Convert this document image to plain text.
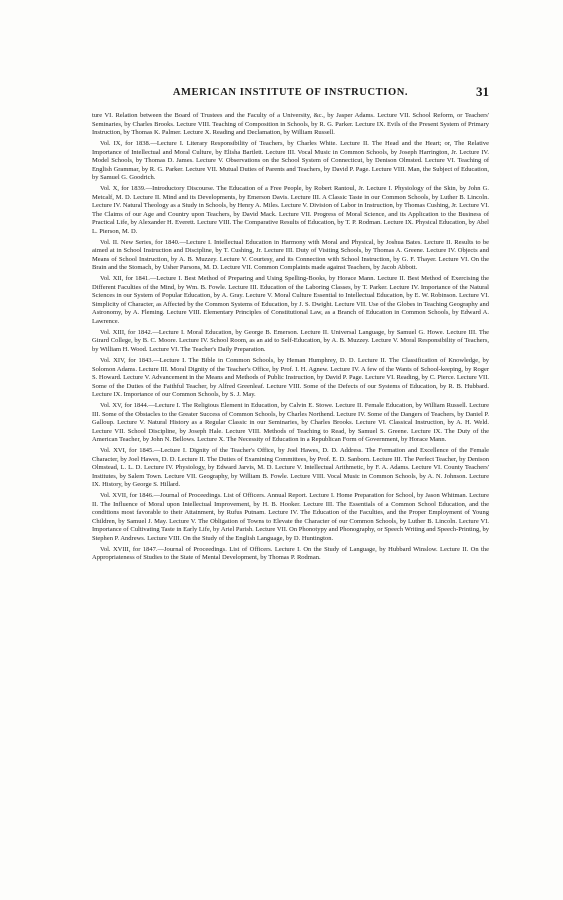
AMERICAN INSTITUTE OF INSTRUCTION.	31

ture VI. Relation between the Board of Trustees and the Faculty of a University, &c., by Jasper Adams. Lecture VII. School Reform, or Teachers' Seminaries, by Charles Brooks. Lecture VIII. Teaching of Composition in Schools, by R. G. Parker. Lecture IX. Evils of the Present System of Primary Instruction, by Thomas K. Palmer. Lecture X. Reading and Declamation, by William Russell.

Vol. IX, for 1838.—Lecture I. Literary Responsibility of Teachers, by Charles White. Lecture II. The Head and the Heart; or, The Relative Importance of Intellectual and Moral Culture, by Elisha Bartlett. Lecture III. Vocal Music in Common Schools, by Joseph Harrington, Jr. Lecture IV. Model Schools, by Thomas D. James. Lecture V. Observations on the School System of Connecticut, by Denison Olmsted. Lecture VI. Teaching of English Grammar, by R. G. Parker. Lecture VII. Mutual Duties of Parents and Teachers, by David P. Page. Lecture VIII. Man, the Subject of Education, by Samuel G. Goodrich.

Vol. X, for 1839.—Introductory Discourse. The Education of a Free People, by Robert Rantoul, Jr. Lecture I. Physiology of the Skin, by John G. Metcalf, M. D. Lecture II. Mind and its Developments, by Emerson Davis. Lecture III. A Classic Taste in our Common Schools, by Luther B. Lincoln. Lecture IV. Natural Theology as a Study in Schools, by Henry A. Miles. Lecture V. Division of Labor in Instruction, by Thomas Cushing, Jr. Lecture VI. The Claims of our Age and Country upon Teachers, by David Mack. Lecture VII. Progress of Moral Science, and its Application to the Business of Practical Life, by Alexander H. Everett. Lecture VIII. The Comparative Results of Education, by T. P. Rodman. Lecture IX. Physical Education, by Abel L. Pierson, M. D.

Vol. II. New Series, for 1840.—Lecture I. Intellectual Education in Harmony with Moral and Physical, by Joshua Bates. Lecture II. Results to be aimed at in School Instruction and Discipline, by T. Cushing, Jr. Lecture III. Duty of Visiting Schools, by Thomas A. Greene. Lecture IV. Objects and Means of School Instruction, by A. B. Muzzey. Lecture V. Courtesy, and its Connection with School Instruction, by G. F. Thayer. Lecture VI. On the Brain and the Stomach, by Usher Parsons, M. D. Lecture VII. Common Complaints made against Teachers, by Jacob Abbott.

Vol. XII, for 1841.—Lecture I. Best Method of Preparing and Using Spelling-Books, by Horace Mann. Lecture II. Best Method of Exercising the Different Faculties of the Mind, by Wm. B. Fowle. Lecture III. Education of the Laboring Classes, by T. Parker. Lecture IV. Importance of the Natural Sciences in our System of Popular Education, by A. Gray. Lecture V. Moral Culture Essential to Intellectual Education, by E. W. Robinson. Lecture VI. Simplicity of Character, as Affected by the Common Systems of Education, by J. S. Dwight. Lecture VII. Use of the Globes in Teaching Geography and Astronomy, by A. Fleming. Lecture VIII. Elementary Principles of Constitutional Law, as a Branch of Education in Common Schools, by Edward A. Lawrence.

Vol. XIII, for 1842.—Lecture I. Moral Education, by George B. Emerson. Lecture II. Universal Language, by Samuel G. Howe. Lecture III. The Girard College, by B. C. Moore. Lecture IV. School Room, as an aid to Self-Education, by A. B. Muzzey. Lecture V. Moral Responsibility of Teachers, by William H. Wood. Lecture VI. The Teacher's Daily Preparation.

Vol. XIV, for 1843.—Lecture I. The Bible in Common Schools, by Heman Humphrey, D. D. Lecture II. The Classification of Knowledge, by Solomon Adams. Lecture III. Moral Dignity of the Teacher's Office, by Prof. I. H. Agnew. Lecture IV. A few of the Wants of School-keeping, by Roger S. Howard. Lecture V. Advancement in the Means and Methods of Public Instruction, by David P. Page. Lecture VI. Reading, by C. Pierce. Lecture VII. Some of the Duties of the Faithful Teacher, by Alfred Greenleaf. Lecture VIII. Some of the Defects of our Systems of Education, by R. B. Hubbard. Lecture IX. Importance of our Common Schools, by S. J. May.

Vol. XV, for 1844.—Lecture I. The Religious Element in Education, by Calvin E. Stowe. Lecture II. Female Education, by William Russell. Lecture III. Some of the Obstacles to the Greater Success of Common Schools, by Charles Northend. Lecture IV. Some of the Dangers of Teachers, by Daniel P. Galloup. Lecture V. Natural History as a Regular Classic in our Seminaries, by Charles Brooks. Lecture VI. Classical Instruction, by A. H. Weld. Lecture VII. School Discipline, by Joseph Hale. Lecture VIII. Methods of Teaching to Read, by Samuel S. Greene. Lecture IX. The Duty of the American Teacher, by John N. Bellows. Lecture X. The Necessity of Education in a Republican Form of Government, by Horace Mann.

Vol. XVI, for 1845.—Lecture I. Dignity of the Teacher's Office, by Joel Hawes, D. D. Address. The Formation and Excellence of the Female Character, by Joel Hawes, D. D. Lecture II. The Duties of Examining Committees, by Prof. E. D. Sanborn. Lecture III. The Perfect Teacher, by Denison Olmstead, L. L. D. Lecture IV. Physiology, by Edward Jarvis, M. D. Lecture V. Intellectual Arithmetic, by F. A. Adams. Lecture VI. County Teachers' Institutes, by Salem Town. Lecture VII. Geography, by William B. Fowle. Lecture VIII. Vocal Music in Common Schools, by A. N. Johnson. Lecture IX. History, by George S. Hillard.

Vol. XVII, for 1846.—Journal of Proceedings. List of Officers. Annual Report. Lecture I. Home Preparation for School, by Jason Whitman. Lecture II. The Influence of Moral upon Intellectual Improvement, by H. B. Hooker. Lecture III. The Essentials of a Common School Education, and the conditions most favorable to their Attainment, by Rufus Putnam. Lecture IV. The Education of the Faculties, and the Proper Employment of Young Children, by Samuel J. May. Lecture V. The Obligation of Towns to Elevate the Character of our Common Schools, by Luther B. Lincoln. Lecture VI. Importance of Cultivating Taste in Early Life, by Ariel Parish. Lecture VII. On Phonotypy and Phonography, or Speech Writing and Speech-Printing, by Stephen P. Andrews. Lecture VIII. On the Study of the English Language, by D. Huntington.

Vol. XVIII, for 1847.—Journal of Proceedings. List of Officers. Lecture I. On the Study of Language, by Hubbard Winslow. Lecture II. On the Appropriateness of Studies to the State of Mental Development, by Thomas P. Rodman.
